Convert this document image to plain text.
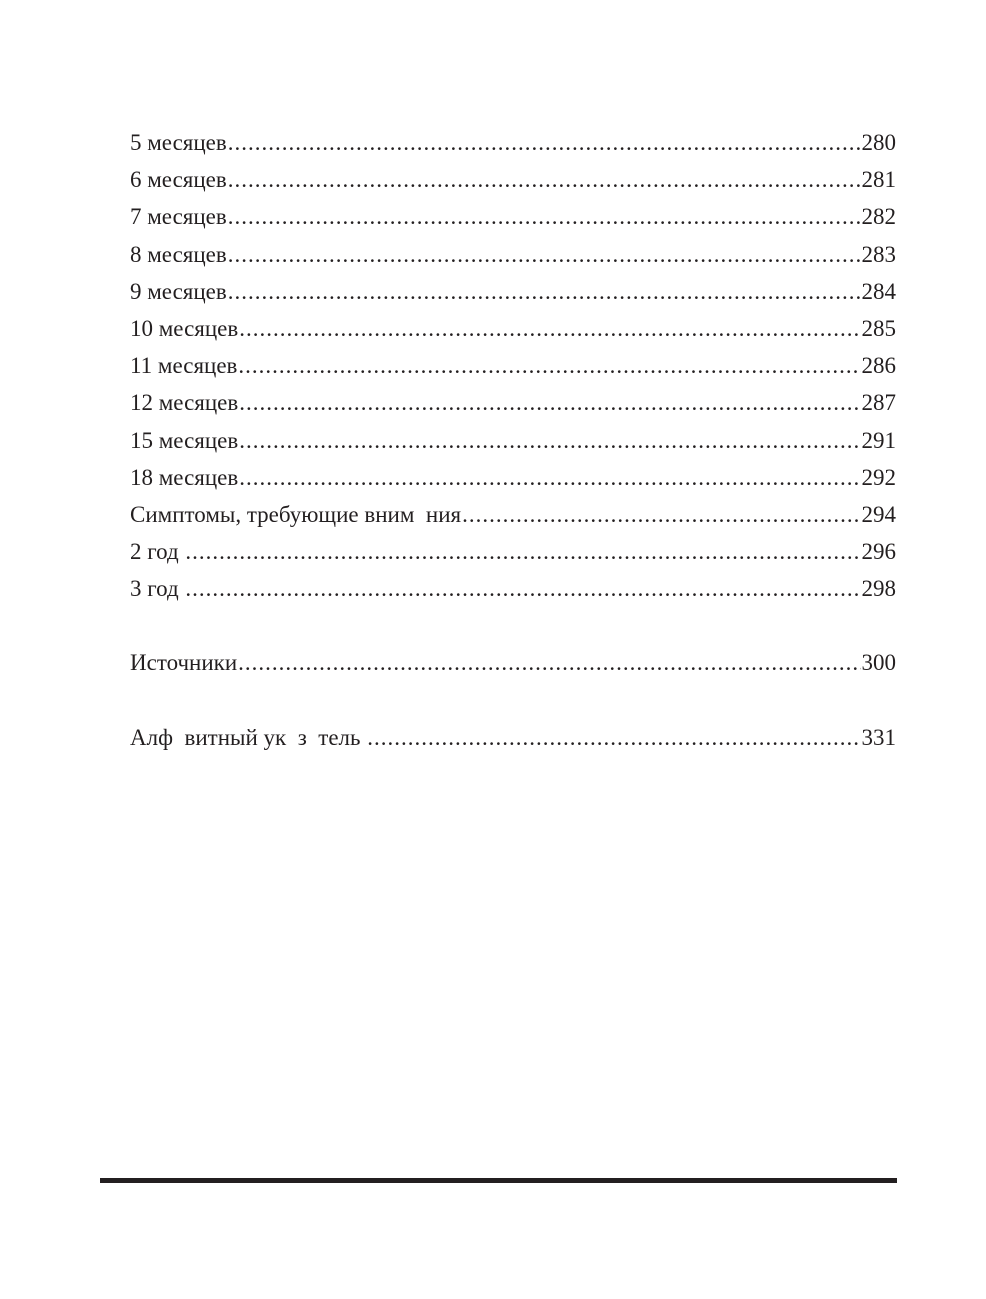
5 месяцев .....	280
6 месяцев .....	281
7 месяцев .....	282
8 месяцев .....	283
9 месяцев .....	284
10 месяцев .....	285
11 месяцев .....	286
12 месяцев .....	287
15 месяцев .....	291
18 месяцев .....	292
Симптомы, требующие вним  ния .....	294
2 год .....	296
3 год .....	298
Источники .....	300
Алф  витный ук  з  тель .....	331
